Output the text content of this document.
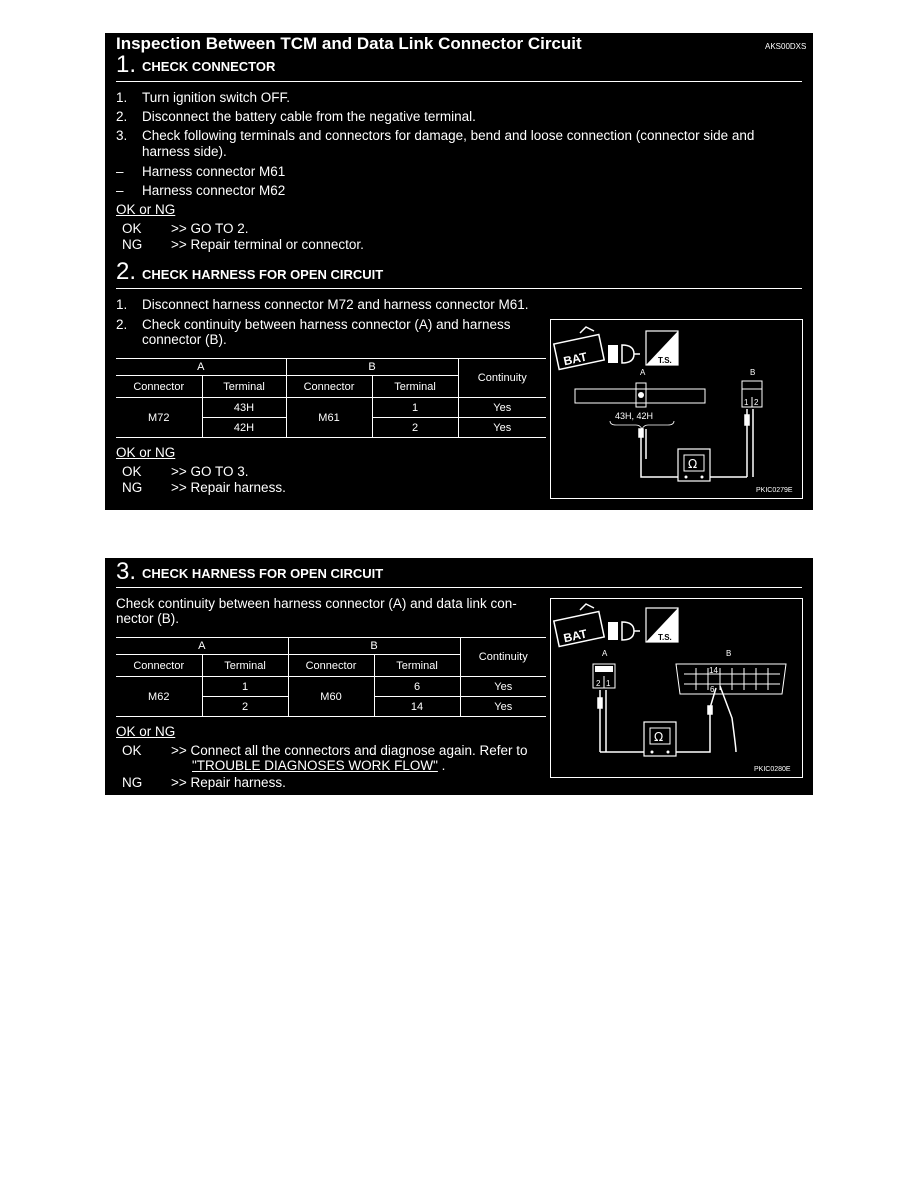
Inspection Between TCM and Data Link Connector Circuit	AKS00DXS
1. CHECK CONNECTOR
1. Turn ignition switch OFF.
2. Disconnect the battery cable from the negative terminal.
3. Check following terminals and connectors for damage, bend and loose connection (connector side and
harness side).
– Harness connector M61
– Harness connector M62
OK or NG
OK >> GO TO 2.
NG >> Repair terminal or connector.
2. CHECK HARNESS FOR OPEN CIRCUIT
1. Disconnect harness connector M72 and harness connector M61.
2. Check continuity between harness connector (A) and harness
connector (B).
A		B		Continuity
Connector	Terminal	Connector	Terminal	
M72	43H	M61	1	Yes
	42H		2	Yes
OK or NG
OK >> GO TO 3.
NG >> Repair harness.
BAT	T.S.
A	B
43H, 42H
1 2
Ω
PKIC0279E
3. CHECK HARNESS FOR OPEN CIRCUIT
Check continuity between harness connector (A) and data link con-
nector (B).
A		B		Continuity
Connector	Terminal	Connector	Terminal	
M62	1	M60	6	Yes
	2		14	Yes
OK or NG
OK >> Connect all the connectors and diagnose again. Refer to
"TROUBLE DIAGNOSES WORK FLOW" .
NG >> Repair harness.
BAT	T.S.
A	B
2 1
14
6
Ω
PKIC0280E
